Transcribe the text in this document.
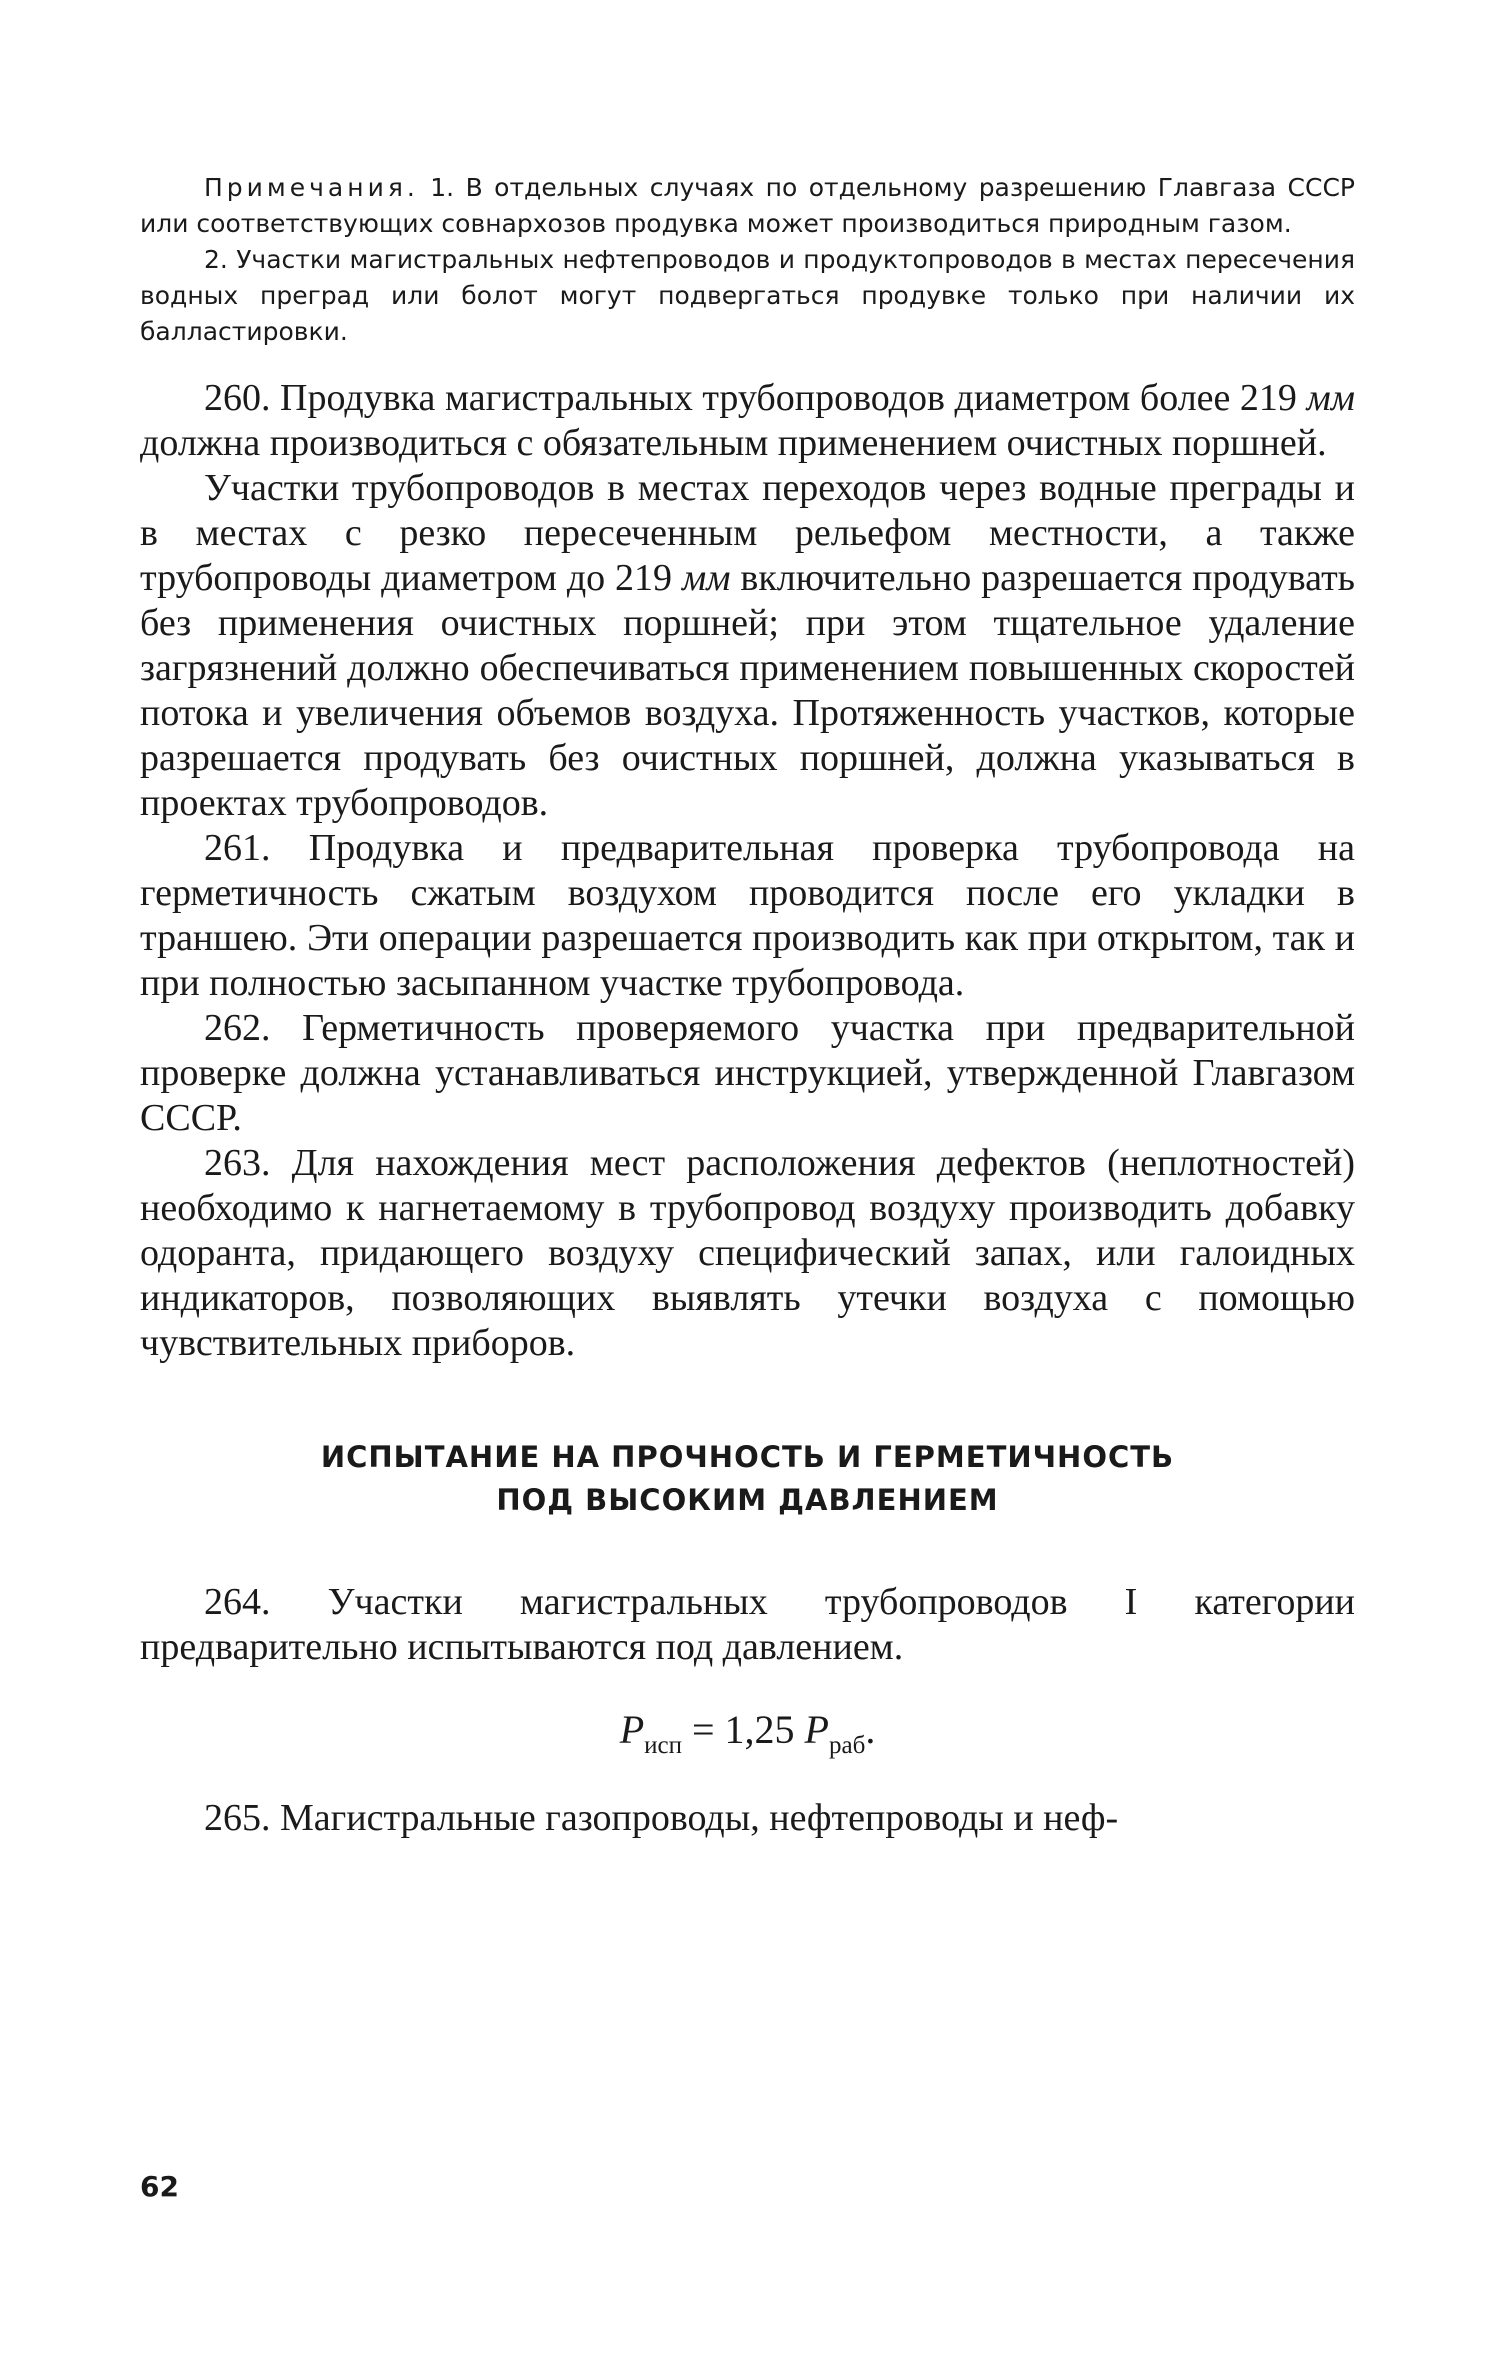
Примечания. 1. В отдельных случаях по отдельному разрешению Главгаза СССР или соответствующих совнархозов продувка может производиться природным газом.

2. Участки магистральных нефтепроводов и продуктопроводов в местах пересечения водных преград или болот могут подвергаться продувке только при наличии их балластировки.

260. Продувка магистральных трубопроводов диаметром более 219 мм должна производиться с обязательным применением очистных поршней.

Участки трубопроводов в местах переходов через водные преграды и в местах с резко пересеченным рельефом местности, а также трубопроводы диаметром до 219 мм включительно разрешается продувать без применения очистных поршней; при этом тщательное удаление загрязнений должно обеспечиваться применением повышенных скоростей потока и увеличения объемов воздуха. Протяженность участков, которые разрешается продувать без очистных поршней, должна указываться в проектах трубопроводов.

261. Продувка и предварительная проверка трубопровода на герметичность сжатым воздухом проводится после его укладки в траншею. Эти операции разрешается производить как при открытом, так и при полностью засыпанном участке трубопровода.

262. Герметичность проверяемого участка при предварительной проверке должна устанавливаться инструкцией, утвержденной Главгазом СССР.

263. Для нахождения мест расположения дефектов (неплотностей) необходимо к нагнетаемому в трубопровод воздуху производить добавку одоранта, придающего воздуху специфический запах, или галоидных индикаторов, позволяющих выявлять утечки воздуха с помощью чувствительных приборов.

ИСПЫТАНИЕ НА ПРОЧНОСТЬ И ГЕРМЕТИЧНОСТЬ
ПОД ВЫСОКИМ ДАВЛЕНИЕМ

264. Участки магистральных трубопроводов I категории предварительно испытываются под давлением.

$P_{исп} = 1,25$ $P_{раб}$.

265. Магистральные газопроводы, нефтепроводы и неф-

62
